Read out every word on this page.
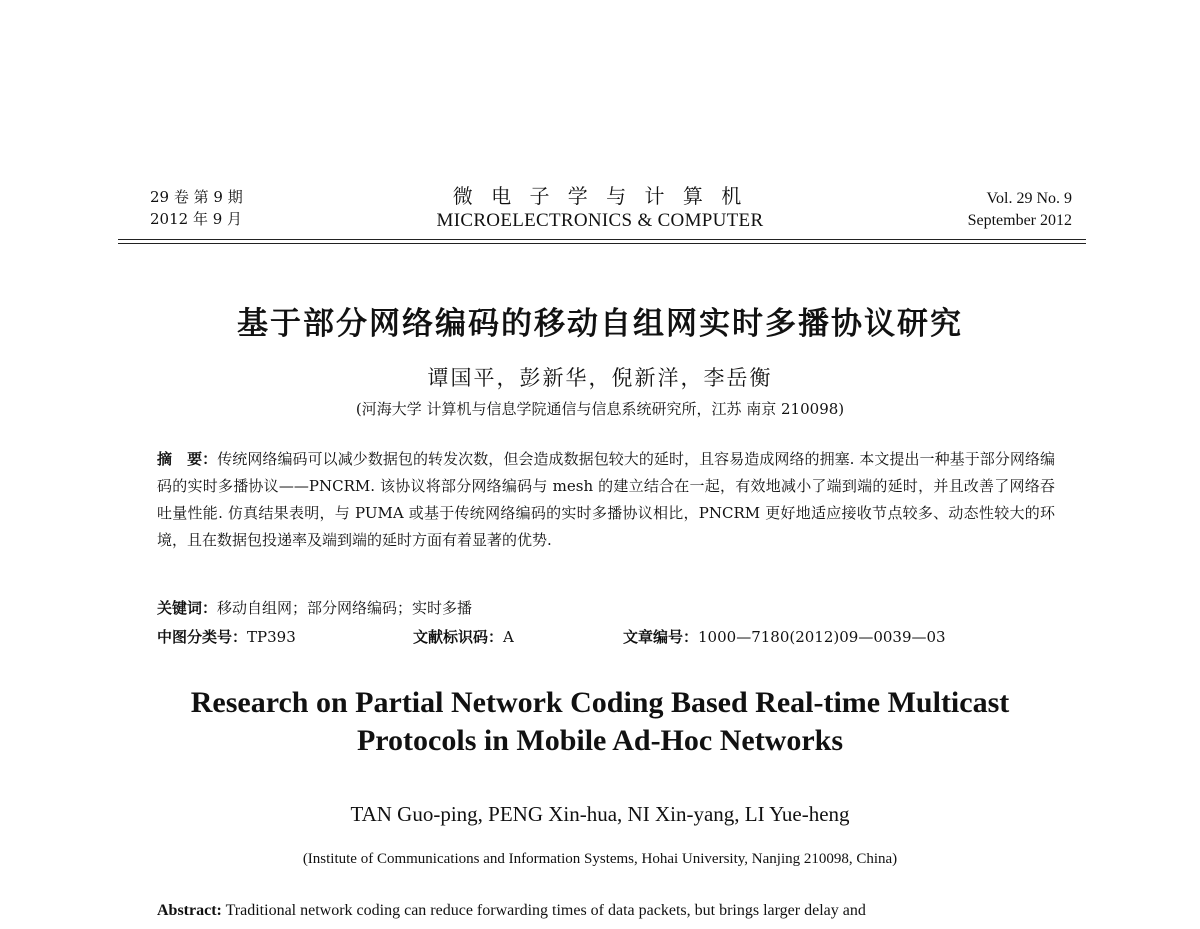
29 卷 第 9 期
2012 年 9 月
微 电 子 学 与 计 算 机
MICROELECTRONICS & COMPUTER
Vol. 29 No. 9
September 2012
基于部分网络编码的移动自组网实时多播协议研究
谭国平，彭新华，倪新洋，李岳衡
(河海大学 计算机与信息学院通信与信息系统研究所，江苏 南京 210098)
摘　要：传统网络编码可以减少数据包的转发次数，但会造成数据包较大的延时，且容易造成网络的拥塞. 本文提出一种基于部分网络编码的实时多播协议——PNCRM. 该协议将部分网络编码与 mesh 的建立结合在一起，有效地减小了端到端的延时，并且改善了网络吞吐量性能. 仿真结果表明，与 PUMA 或基于传统网络编码的实时多播协议相比，PNCRM 更好地适应接收节点较多、动态性较大的环境，且在数据包投递率及端到端的延时方面有着显著的优势.
关键词：移动自组网；部分网络编码；实时多播
中图分类号：TP393	文献标识码：A	文章编号：1000—7180(2012)09—0039—03
Research on Partial Network Coding Based Real-time Multicast
Protocols in Mobile Ad-Hoc Networks
TAN Guo-ping, PENG Xin-hua, NI Xin-yang, LI Yue-heng
(Institute of Communications and Information Systems, Hohai University, Nanjing 210098, China)
Abstract: Traditional network coding can reduce forwarding times of data packets, but brings larger delay and
